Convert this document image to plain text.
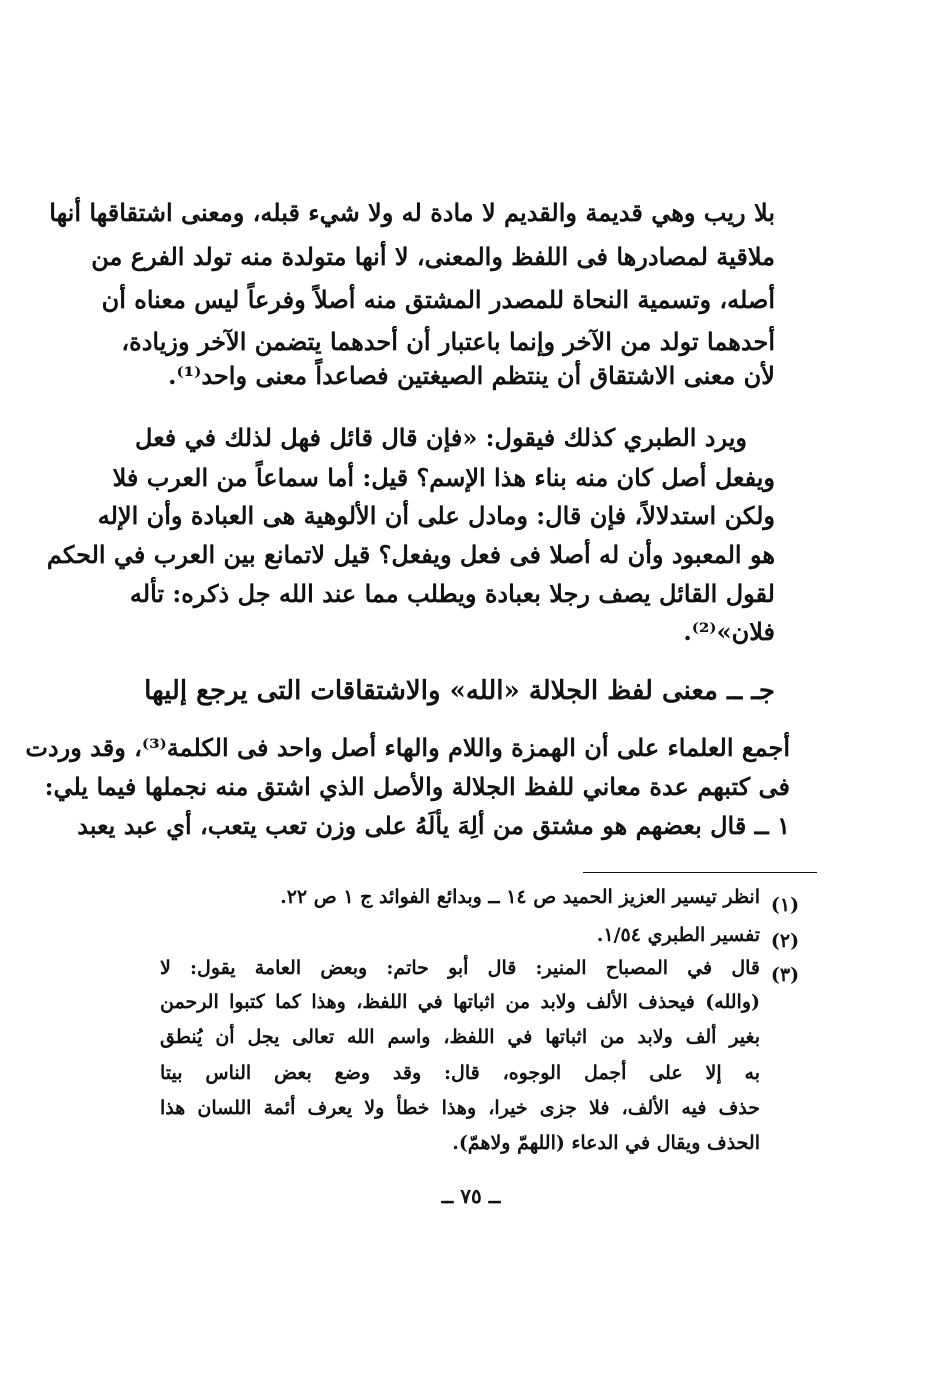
بلا ريب وهي قديمة والقديم لا مادة له ولا شيء قبله، ومعنى اشتقاقها أنها
ملاقية لمصادرها فى اللفظ والمعنى، لا أنها متولدة منه تولد الفرع من
أصله، وتسمية النحاة للمصدر المشتق منه أصلاً وفرعاً ليس معناه أن
أحدهما تولد من الآخر وإنما باعتبار أن أحدهما يتضمن الآخر وزيادة،
لأن معنى الاشتقاق أن ينتظم الصيغتين فصاعداً معنى واحد⁽¹⁾.
ويرد الطبري كذلك فيقول: «فإن قال قائل فهل لذلك في فعل
ويفعل أصل كان منه بناء هذا الإسم؟ قيل: أما سماعاً من العرب فلا
ولكن استدلالاً، فإن قال: ومادل على أن الألوهية هى العبادة وأن الإله
هو المعبود وأن له أصلا فى فعل ويفعل؟ قيل لاتمانع بين العرب في الحكم
لقول القائل يصف رجلا بعبادة ويطلب مما عند الله جل ذكره: تأله
فلان»⁽²⁾.
جـ ــ معنى لفظ الجلالة «الله» والاشتقاقات التى يرجع إليها
أجمع العلماء على أن الهمزة واللام والهاء أصل واحد فى الكلمة⁽³⁾، وقد وردت
فى كتبهم عدة معاني للفظ الجلالة والأصل الذي اشتق منه نجملها فيما يلي:
١ ــ قال بعضهم هو مشتق من ألِهَ يألَهُ على وزن تعب يتعب، أي عبد يعبد
(١)
انظر تيسير العزيز الحميد ص ١٤ ــ وبدائع الفوائد ج ١ ص ٢٢.
(٢)
تفسير الطبري ١/٥٤.
(٣)
قال في المصباح المنير: قال أبو حاتم: وبعض العامة يقول: لا
(والله) فيحذف الألف ولابد من اثباتها في اللفظ، وهذا كما كتبوا الرحمن
بغير ألف ولابد من اثباتها في اللفظ، واسم الله تعالى يجل أن يُنطق
به إلا على أجمل الوجوه، قال: وقد وضع بعض الناس بيتا
حذف فيه الألف، فلا جزى خيرا، وهذا خطأ ولا يعرف أئمة اللسان هذا
الحذف ويقال في الدعاء (اللهمّ ولاهمّ).
ــ ٧٥ ــ
